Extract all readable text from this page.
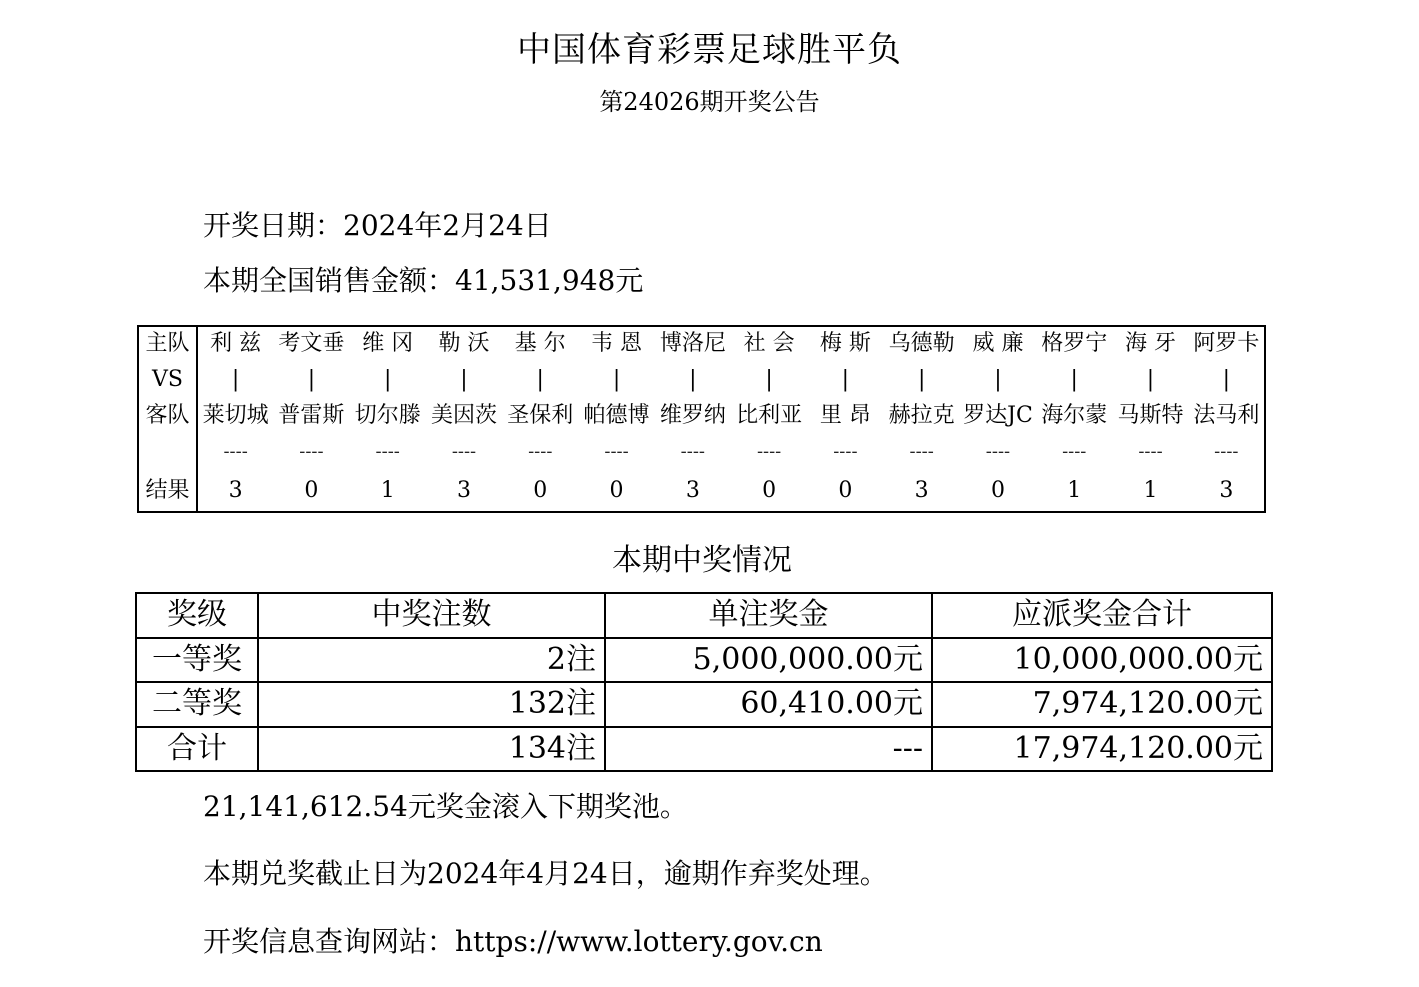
中国体育彩票足球胜平负
第24026期开奖公告
开奖日期：2024年2月24日
本期全国销售金额：41,531,948元
主队	利 兹	考文垂	维 冈	勒 沃	基 尔	韦 恩	博洛尼	社 会	梅 斯	乌德勒	威 廉	格罗宁	海 牙	阿罗卡
VS	|	|	|	|	|	|	|	|	|	|	|	|	|	|
客队	莱切城	普雷斯	切尔滕	美因茨	圣保利	帕德博	维罗纳	比利亚	里 昂	赫拉克	罗达JC	海尔蒙	马斯特	法马利
	----	----	----	----	----	----	----	----	----	----	----	----	----	----
结果	3	0	1	3	0	0	3	0	0	3	0	1	1	3
本期中奖情况
奖级	中奖注数	单注奖金	应派奖金合计
一等奖	2注	5,000,000.00元	10,000,000.00元
二等奖	132注	60,410.00元	7,974,120.00元
合计	134注	---	17,974,120.00元
21,141,612.54元奖金滚入下期奖池。
本期兑奖截止日为2024年4月24日，逾期作弃奖处理。
开奖信息查询网站：https://www.lottery.gov.cn
